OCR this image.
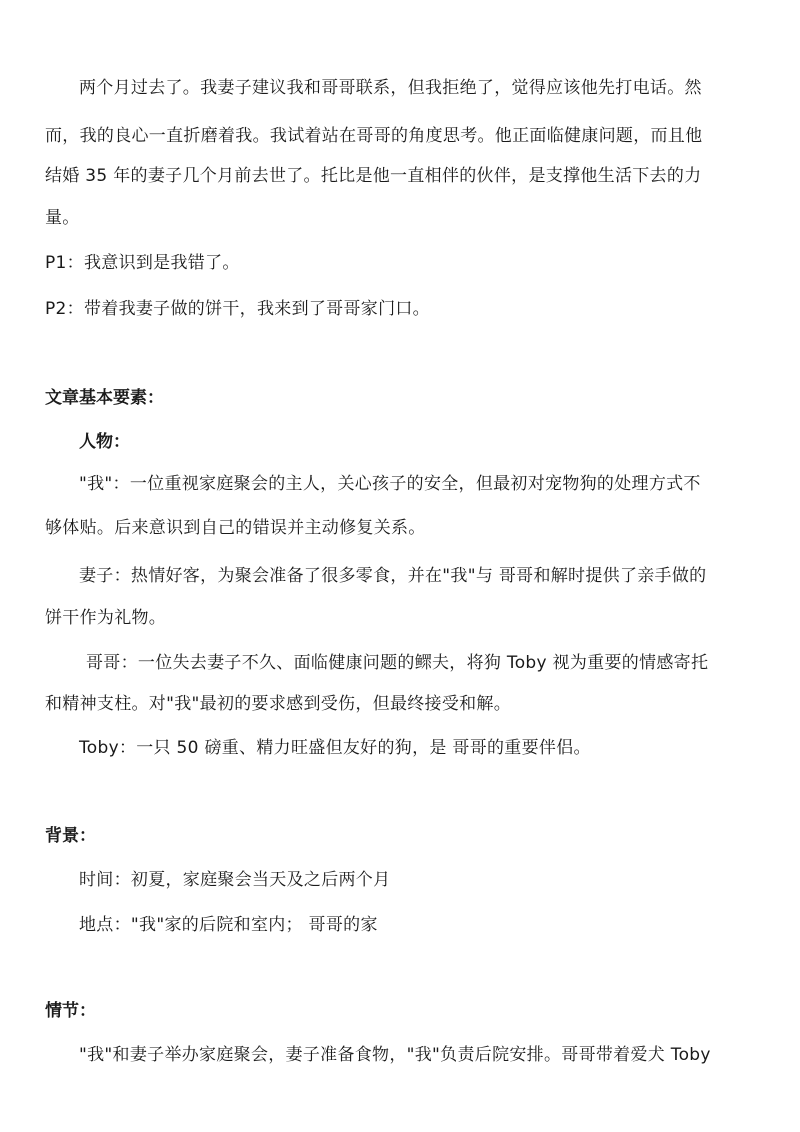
两个月过去了。我妻子建议我和哥哥联系，但我拒绝了，觉得应该他先打电话。然
而，我的良心一直折磨着我。我试着站在哥哥的角度思考。他正面临健康问题，而且他
结婚 35 年的妻子几个月前去世了。托比是他一直相伴的伙伴，是支撑他生活下去的力
量。
P1：我意识到是我错了。
P2：带着我妻子做的饼干，我来到了哥哥家门口。
文章基本要素：
人物：
"我"：一位重视家庭聚会的主人，关心孩子的安全，但最初对宠物狗的处理方式不
够体贴。后来意识到自己的错误并主动修复关系。
妻子：热情好客，为聚会准备了很多零食，并在"我"与 哥哥和解时提供了亲手做的
饼干作为礼物。
哥哥：一位失去妻子不久、面临健康问题的鳏夫，将狗 Toby 视为重要的情感寄托
和精神支柱。对"我"最初的要求感到受伤，但最终接受和解。
Toby：一只 50 磅重、精力旺盛但友好的狗，是 哥哥的重要伴侣。
背景：
时间：初夏，家庭聚会当天及之后两个月
地点："我"家的后院和室内； 哥哥的家
情节：
"我"和妻子举办家庭聚会，妻子准备食物，"我"负责后院安排。哥哥带着爱犬 Toby
